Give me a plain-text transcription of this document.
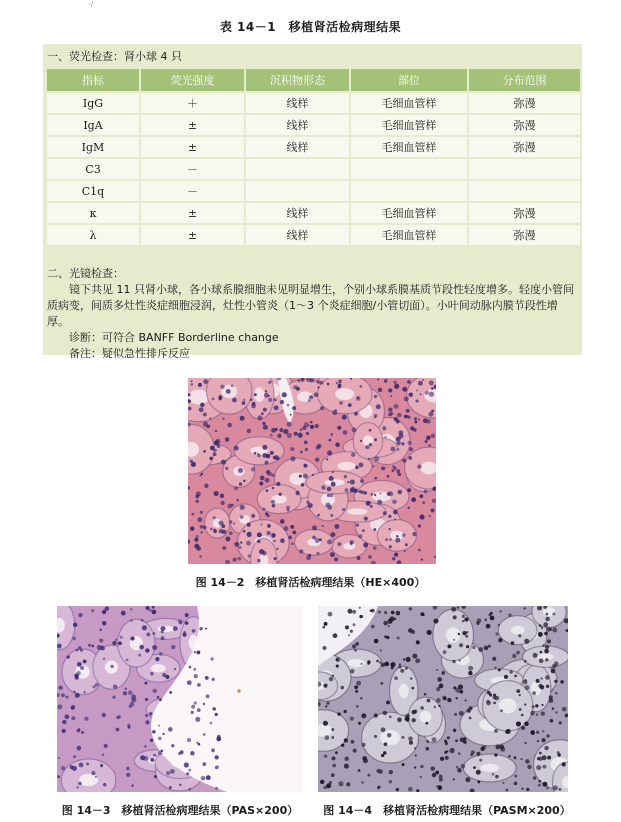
·/
表 14－1　移植肾活检病理结果
一、荧光检查：肾小球 4 只
指标	荧光强度	沉积物形态	部位	分布范围
IgG	＋	线样	毛细血管样	弥漫
IgA	±	线样	毛细血管样	弥漫
IgM	±	线样	毛细血管样	弥漫
C3	－			
C1q	－			
κ	±	线样	毛细血管样	弥漫
λ	±	线样	毛细血管样	弥漫

二、光镜检查：

镜下共见 11 只肾小球，各小球系膜细胞未见明显增生，个别小球系膜基质节段性轻度增多。轻度小管间质病变，间质多灶性炎症细胞浸润，灶性小管炎（1～3 个炎症细胞/小管切面）。小叶间动脉内膜节段性增厚。

诊断：可符合 BANFF Borderline change

备注：疑似急性排斥反应

图 14－2　移植肾活检病理结果（HE×400）
图 14－3　移植肾活检病理结果（PAS×200）	图 14－4　移植肾活检病理结果（PASM×200）
